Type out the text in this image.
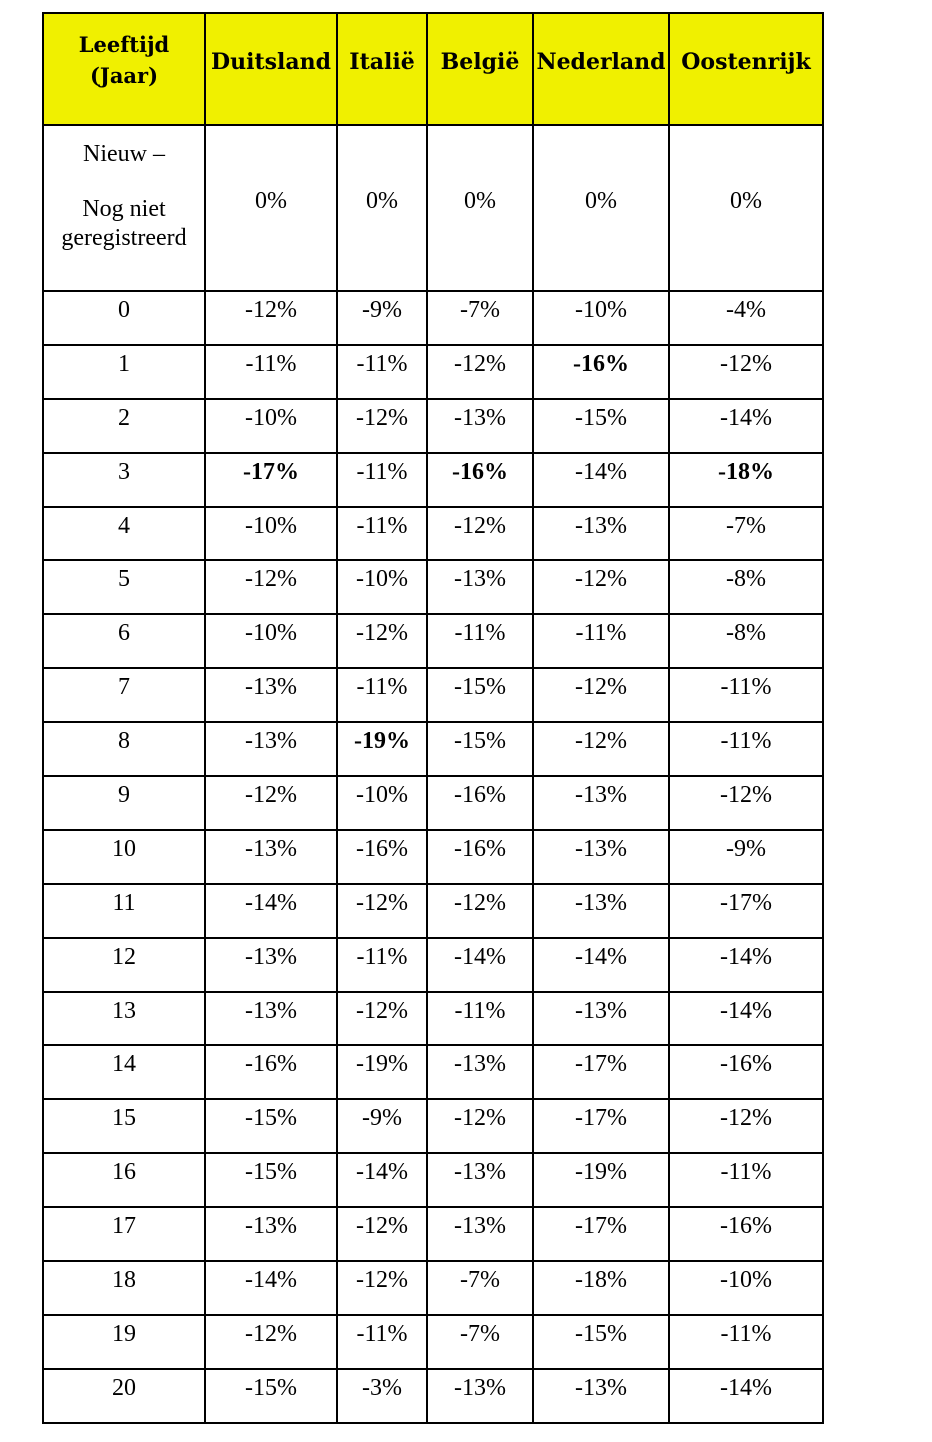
Leeftijd
(Jaar)	Duitsland	Italië	België	Nederland	Oostenrijk

Nieuw –
Nog niet
geregistreerd	0%	0%	0%	0%	0%
0	-12%	-9%	-7%	-10%	-4%
1	-11%	-11%	-12%	-16%	-12%
2	-10%	-12%	-13%	-15%	-14%
3	-17%	-11%	-16%	-14%	-18%
4	-10%	-11%	-12%	-13%	-7%
5	-12%	-10%	-13%	-12%	-8%
6	-10%	-12%	-11%	-11%	-8%
7	-13%	-11%	-15%	-12%	-11%
8	-13%	-19%	-15%	-12%	-11%
9	-12%	-10%	-16%	-13%	-12%
10	-13%	-16%	-16%	-13%	-9%
11	-14%	-12%	-12%	-13%	-17%
12	-13%	-11%	-14%	-14%	-14%
13	-13%	-12%	-11%	-13%	-14%
14	-16%	-19%	-13%	-17%	-16%
15	-15%	-9%	-12%	-17%	-12%
16	-15%	-14%	-13%	-19%	-11%
17	-13%	-12%	-13%	-17%	-16%
18	-14%	-12%	-7%	-18%	-10%
19	-12%	-11%	-7%	-15%	-11%
20	-15%	-3%	-13%	-13%	-14%
